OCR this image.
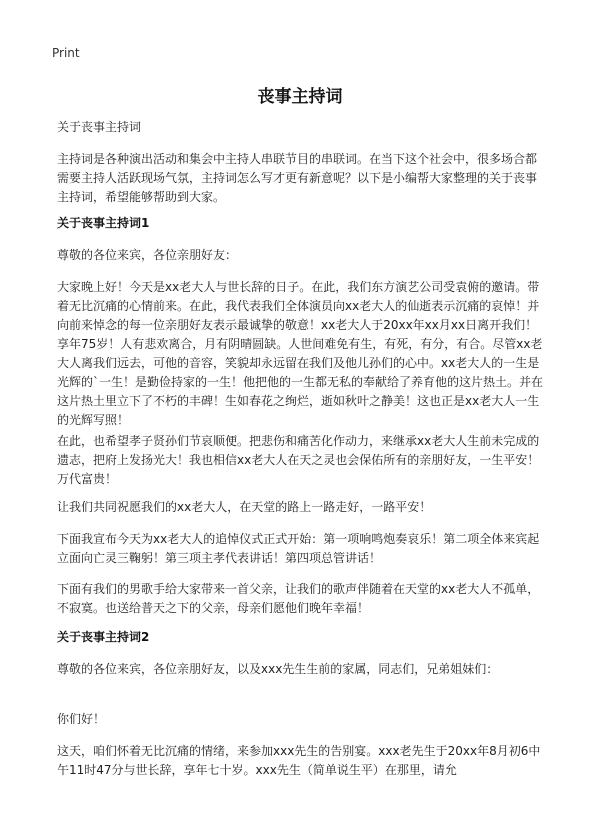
Print
丧事主持词
关于丧事主持词
主持词是各种演出活动和集会中主持人串联节目的串联词。在当下这个社会中，很多场合都需要主持人活跃现场气氛，主持词怎么写才更有新意呢？以下是小编帮大家整理的关于丧事主持词，希望能够帮助到大家。
关于丧事主持词1
尊敬的各位来宾，各位亲朋好友：
大家晚上好！今天是xx老大人与世长辞的日子。在此，我们东方演艺公司受袁俯的邀请。带着无比沉痛的心情前来。在此，我代表我们全体演员向xx老大人的仙逝表示沉痛的哀悼！并向前来悼念的每一位亲朋好友表示最诚挚的敬意！xx老大人于20xx年xx月xx日离开我们！享年75岁！人有悲欢离合，月有阴晴圆缺。人世间难免有生，有死，有分，有合。尽管xx老大人离我们远去，可他的音容，笑貌却永远留在我们及他儿孙们的心中。xx老大人的一生是光辉的`一生！是勤俭持家的一生！他把他的一生都无私的奉献给了养育他的这片热土。并在这片热土里立下了不朽的丰碑！生如春花之绚烂，逝如秋叶之静美！这也正是xx老大人一生的光辉写照！
在此，也希望孝子贤孙们节哀顺便。把悲伤和痛苦化作动力，来继承xx老大人生前未完成的遗志，把府上发扬光大！我也相信xx老大人在天之灵也会保佑所有的亲朋好友，一生平安！万代富贵！
让我们共同祝愿我们的xx老大人，在天堂的路上一路走好，一路平安！
下面我宣布今天为xx老大人的追悼仪式正式开始：第一项响鸣炮奏哀乐！第二项全体来宾起立面向亡灵三鞠躬！第三项主孝代表讲话！第四项总管讲话！
下面有我们的男歌手给大家带来一首父亲，让我们的歌声伴随着在天堂的xx老大人不孤单，不寂寞。也送给普天之下的父亲，母亲们愿他们晚年幸福！
关于丧事主持词2
尊敬的各位来宾，各位亲朋好友，以及xxx先生生前的家属，同志们，兄弟姐妹们：
你们好！
这天，咱们怀着无比沉痛的情绪，来参加xxx先生的告别宴。xxx老先生于20xx年8月初6中午11时47分与世长辞，享年七十岁。xxx先生（简单说生平）在那里，请允
